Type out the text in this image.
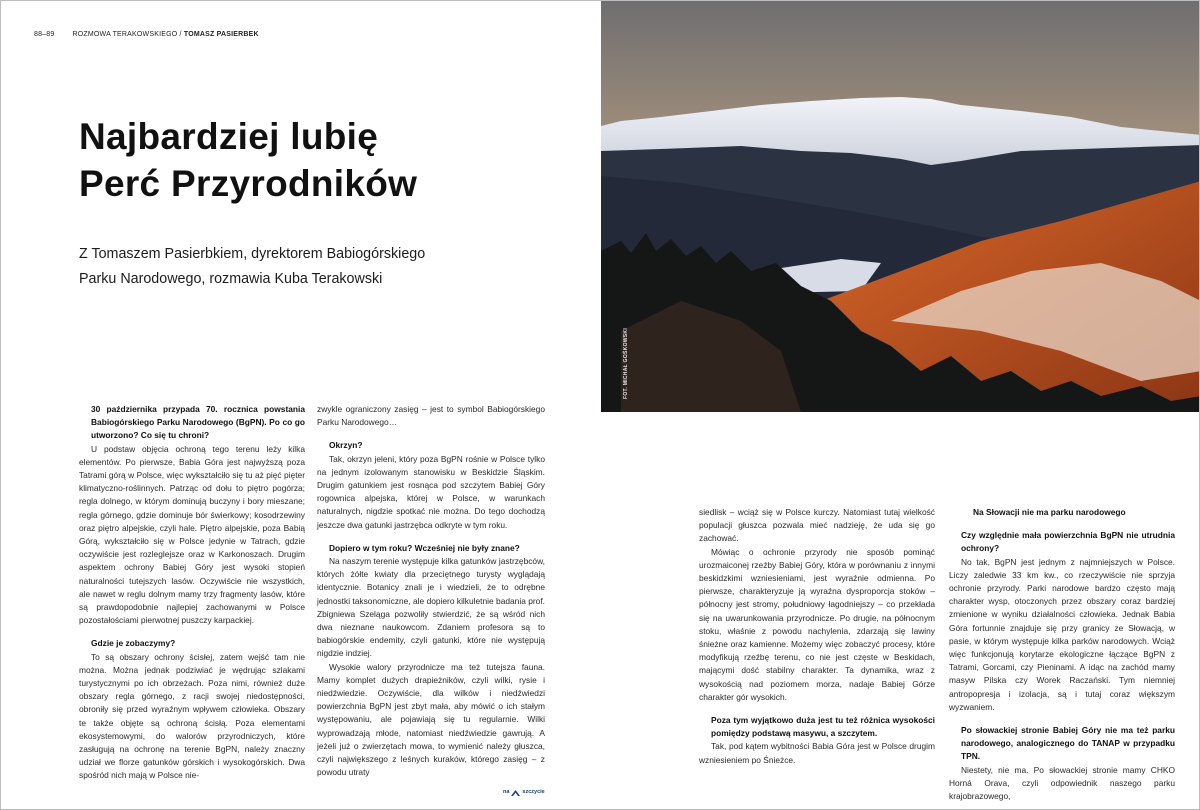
88–89	ROZMOWA TERAKOWSKIEGO / TOMASZ PASIERBEK
Najbardziej lubię
Perć Przyrodników

Z Tomaszem Pasierbkiem, dyrektorem Babiogórskiego
Parku Narodowego, rozmawia Kuba Terakowski

30 października przypada 70. rocznica powstania Babiogórskiego Parku Narodowego (BgPN). Po co go utworzono? Co się tu chroni?

U podstaw objęcia ochroną tego terenu leży kilka elementów. Po pierwsze, Babia Góra jest najwyższą poza Tatrami górą w Polsce, więc wykształciło się tu aż pięć pięter klimatyczno-roślinnych. Patrząc od dołu to piętro pogórza; regla dolnego, w którym dominują buczyny i bory mieszane; regla górnego, gdzie dominuje bór świerkowy; kosodrzewiny oraz piętro alpejskie, czyli hale. Piętro alpejskie, poza Babią Górą, wykształciło się w Polsce jedynie w Tatrach, gdzie oczywiście jest rozleglejsze oraz w Karkonoszach. Drugim aspektem ochrony Babiej Góry jest wysoki stopień naturalności tutejszych lasów. Oczywiście nie wszystkich, ale nawet w reglu dolnym mamy trzy fragmenty lasów, które są prawdopodobnie najlepiej zachowanymi w Polsce pozostałościami pierwotnej puszczy karpackiej.

Gdzie je zobaczymy?

To są obszary ochrony ścisłej, zatem wejść tam nie można. Można jednak podziwiać je wędrując szlakami turystycznymi po ich obrzeżach. Poza nimi, również duże obszary regla górnego, z racji swojej niedostępności, obroniły się przed wyraźnym wpływem człowieka. Obszary te także objęte są ochroną ścisłą. Poza elementami ekosystemowymi, do walorów przyrodniczych, które zasługują na ochronę na terenie BgPN, należy znaczny udział we florze gatunków górskich i wysokogórskich. Dwa spośród nich mają w Polsce nie-

zwykle ograniczony zasięg – jest to symbol Babiogórskiego Parku Narodowego…

Okrzyn?

Tak, okrzyn jeleni, który poza BgPN rośnie w Polsce tylko na jednym izolowanym stanowisku w Beskidzie Śląskim. Drugim gatunkiem jest rosnąca pod szczytem Babiej Góry rogownica alpejska, której w Polsce, w warunkach naturalnych, nigdzie spotkać nie można. Do tego dochodzą jeszcze dwa gatunki jastrzębca odkryte w tym roku.

Dopiero w tym roku? Wcześniej nie były znane?

Na naszym terenie występuje kilka gatunków jastrzębców, których żółte kwiaty dla przeciętnego turysty wyglądają identycznie. Botanicy znali je i wiedzieli, że to odrębne jednostki taksonomiczne, ale dopiero kilkuletnie badania prof. Zbigniewa Szeląga pozwoliły stwierdzić, że są wśród nich dwa nieznane naukowcom. Zdaniem profesora są to babiogórskie endemity, czyli gatunki, które nie występują nigdzie indziej.

Wysokie walory przyrodnicze ma też tutejsza fauna. Mamy komplet dużych drapieżników, czyli wilki, rysie i niedźwiedzie. Oczywiście, dla wilków i niedźwiedzi powierzchnia BgPN jest zbyt mała, aby mówić o ich stałym występowaniu, ale pojawiają się tu regularnie. Wilki wyprowadzają młode, natomiast niedźwiedzie gawrują. A jeżeli już o zwierzętach mowa, to wymienić należy głuszca, czyli największego z leśnych kuraków, którego zasięg – z powodu utraty

FOT. MICHAŁ GOŚKOWSKI

siedlisk – wciąż się w Polsce kurczy. Natomiast tutaj wielkość populacji głuszca pozwala mieć nadzieję, że uda się go zachować.

Mówiąc o ochronie przyrody nie sposób pominąć urozmaiconej rzeźby Babiej Góry, która w porównaniu z innymi beskidzkimi wzniesieniami, jest wyraźnie odmienna. Po pierwsze, charakteryzuje ją wyraźna dysproporcja stoków – północny jest stromy, południowy łagodniejszy – co przekłada się na uwarunkowania przyrodnicze. Po drugie, na północnym stoku, właśnie z powodu nachylenia, zdarzają się lawiny śnieżne oraz kamienne. Możemy więc zobaczyć procesy, które modyfikują rzeźbę terenu, co nie jest częste w Beskidach, mającymi dość stabilny charakter. Ta dynamika, wraz z wysokością nad poziomem morza, nadaje Babiej Górze charakter gór wysokich.

Poza tym wyjątkowo duża jest tu też różnica wysokości pomiędzy podstawą masywu, a szczytem.

Tak, pod kątem wybitności Babia Góra jest w Polsce drugim wzniesieniem po Śnieżce.

Na Słowacji nie ma parku narodowego

Czy względnie mała powierzchnia BgPN nie utrudnia ochrony?

No tak, BgPN jest jednym z najmniejszych w Polsce. Liczy zaledwie 33 km kw., co rzeczywiście nie sprzyja ochronie przyrody. Parki narodowe bardzo często mają charakter wysp, otoczonych przez obszary coraz bardziej zmienione w wyniku działalności człowieka. Jednak Babia Góra fortunnie znajduje się przy granicy ze Słowacją, w pasie, w którym występuje kilka parków narodowych. Wciąż więc funkcjonują korytarze ekologiczne łączące BgPN z Tatrami, Gorcami, czy Pieninami. A idąc na zachód mamy masyw Pilska czy Worek Raczański. Tym niemniej antropopresja i izolacja, są i tutaj coraz większym wyzwaniem.

Po słowackiej stronie Babiej Góry nie ma też parku narodowego, analogicznego do TANAP w przypadku TPN.

Niestety, nie ma. Po słowackiej stronie mamy CHKO Horná Orava, czyli odpowiednik naszego parku krajobrazowego,

na szczycie
